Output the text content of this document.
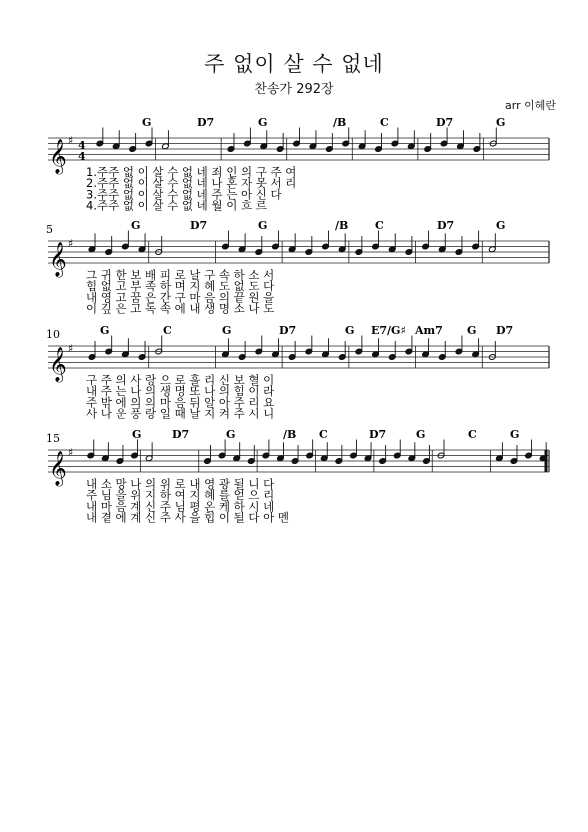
주 없이 살 수 없네
찬송가 292장
arr 이혜란
𝄞 ♯ 4
4
G	D7	G	/B	C	D7	G
1.주주 없 이 살 수 없 네 죄 인 의 구 주 여
2.주주 없 이 살 수 없 네 나 혼 자 못 서 리
3.주주 없 이 살 수 없 네 주 는 아 신 다
4.주주 없 이 살 수 없 네 월 이 흐 르
𝄞 ♯
5	G	D7	G	/B C	D7	G
그 귀 한 보 배 피 로 날 구 속 하 소 서
힘 없 고 부 족 하 며 지 혜 도 없 도 다
내 영 고 꿈 은 간 구 마 음 의 끝 원 을
이 깊 은 고 독 속 에 내 생 명 소 나 도
𝄞 ♯
10	G	C	G	D7	G E7/G♯ Am7 G D7
구 주 의 사 랑 으 로 흘 리 신 보 혈 이
내 주 는 나 의 생 명 또 나 의 힘 이 라
주 밖 에 의 의 마 음 뒤 알 아 주 리 요
사 나 운 풍 랑 일 때 날 지 켜 주 시 니
𝄞 ♯
15	G	D7	G	/B C	D7	G	C	G
내 소 망 나 의 위 로 내 영 광 될 니 다
주 님 을 위 지 하 여 지 혜 를 얻 으 리
내 마 음 계 신 주 님 평 온 케 하 시 네
내 곁 에 계 신 주 사 을 힙 이 될 다 아 멘
